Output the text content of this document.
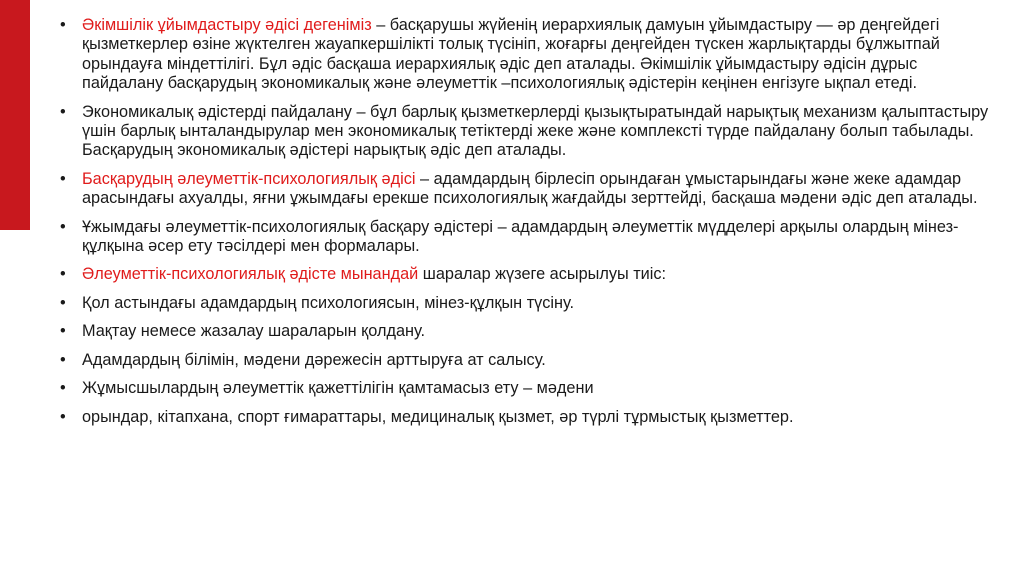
• Әкімшілік ұйымдастыру әдісі дегеніміз – басқарушы жүйенің иерархиялық дамуын ұйымдастыру — әр деңгейдегі қызметкерлер өзіне жүктелген жауапкершілікті толық түсініп, жоғарғы деңгейден түскен жарлықтарды бұлжытпай орындауға міндеттілігі. Бұл әдіс басқаша иерархиялық әдіс деп аталады. Әкімшілік ұйымдастыру әдісін дұрыс пайдалану басқарудың экономикалық және әлеуметтік –психологиялық әдістерін кеңінен енгізуге ықпал етеді.
• Экономикалық әдістерді пайдалану – бұл барлық қызметкерлерді қызықтыратындай нарықтық механизм қалыптастыру үшін барлық ынталандырулар мен экономикалық тетіктерді жеке және комплексті түрде пайдалану болып табылады. Басқарудың экономикалық әдістері нарықтық әдіс деп аталады.
• Басқарудың әлеуметтік-психологиялық әдісі – адамдардың бірлесіп орындаған ұмыстарындағы және жеке адамдар арасындағы ахуалды, яғни ұжымдағы ерекше психологиялық жағдайды зерттейді, басқаша мәдени әдіс деп аталады.
• Ұжымдағы әлеуметтік-психологиялық басқару әдістері – адамдардың әлеуметтік мүдделері арқылы олардың мінез-құлқына әсер ету тәсілдері мен формалары.
• Әлеуметтік-психологиялық әдісте мынандай шаралар жүзеге асырылуы тиіс:
• Қол астындағы адамдардың психологиясын, мінез-құлқын түсіну.
• Мақтау немесе жазалау шараларын қолдану.
• Адамдардың білімін, мәдени дәрежесін арттыруға ат салысу.
• Жұмысшылардың әлеуметтік қажеттілігін қамтамасыз ету – мәдени
• орындар, кітапхана, спорт ғимараттары, медициналық қызмет, әр түрлі тұрмыстық қызметтер.
